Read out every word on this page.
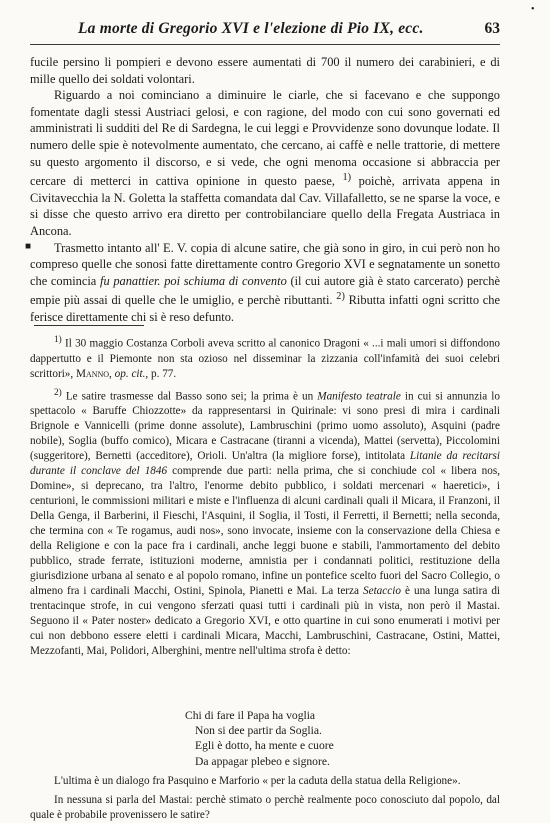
•
La morte di Gregorio XVI e l'elezione di Pio IX, ecc.	63
■

fucile persino li pompieri e devono essere aumentati di 700 il numero dei carabinieri, e di mille quello dei soldati volontari.

Riguardo a noi cominciano a diminuire le ciarle, che si facevano e che suppongo fomentate dagli stessi Austriaci gelosi, e con ragione, del modo con cui sono governati ed amministrati li sudditi del Re di Sardegna, le cui leggi e Provvidenze sono dovunque lodate. Il numero delle spie è notevolmente aumentato, che cercano, ai caffè e nelle trattorie, di mettere su questo argomento il discorso, e si vede, che ogni menoma occasione si abbraccia per cercare di metterci in cattiva opinione in questo paese, $^{1)}$ poichè, arrivata appena in Civitavecchia la N. Goletta la staffetta comandata dal Cav. Villafalletto, se ne sparse la voce, e si disse che questo arrivo era diretto per controbilanciare quello della Fregata Austriaca in Ancona.

Trasmetto intanto all' E. V. copia di alcune satire, che già sono in giro, in cui però non ho compreso quelle che sonosi fatte direttamente contro Gregorio XVI e segnatamente un sonetto che comincia fu panattier. poi schiuma di convento (il cui autore già è stato carcerato) perchè empie più assai di quelle che le umiglio, e perchè ributtanti. $^{2)}$ Ributta infatti ogni scritto che ferisce direttamente chi si è reso defunto.

$^{1)}$ Il 30 maggio Costanza Corboli aveva scritto al canonico Dragoni « ...i mali umori si diffondono dappertutto e il Piemonte non sta ozioso nel disseminar la zizzania coll'infamità dei suoi celebri scrittori», Manno, op. cit., p. 77.

$^{2)}$ Le satire trasmesse dal Basso sono sei; la prima è un Manifesto teatrale in cui si annunzia lo spettacolo « Baruffe Chiozzotte» da rappresentarsi in Quirinale: vi sono presi di mira i cardinali Brignole e Vannicelli (prime donne assolute), Lambruschini (primo uomo assoluto), Asquini (padre nobile), Soglia (buffo comico), Micara e Castracane (tiranni a vicenda), Mattei (servetta), Piccolomini (suggeritore), Bernetti (acceditore), Orioli. Un'altra (la migliore forse), intitolata Litanie da recitarsi durante il conclave del 1846 comprende due parti: nella prima, che si conchiude col « libera nos, Domine», si deprecano, tra l'altro, l'enorme debito pubblico, i soldati mercenari « haeretici», i centurioni, le commissioni militari e miste e l'influenza di alcuni cardinali quali il Micara, il Franzoni, il Della Genga, il Barberini, il Fieschi, l'Asquini, il Soglia, il Tosti, il Ferretti, il Bernetti; nella seconda, che termina con « Te rogamus, audi nos», sono invocate, insieme con la conservazione della Chiesa e della Religione e con la pace fra i cardinali, anche leggi buone e stabili, l'ammortamento del debito pubblico, strade ferrate, istituzioni moderne, amnistia per i condannati politici, restituzione della giurisdizione urbana al senato e al popolo romano, infine un pontefice scelto fuori del Sacro Collegio, o almeno fra i cardinali Macchi, Ostini, Spinola, Pianetti e Mai. La terza Setaccio è una lunga satira di trentacinque strofe, in cui vengono sferzati quasi tutti i cardinali più in vista, non però il Mastai. Seguono il « Pater noster» dedicato a Gregorio XVI, e otto quartine in cui sono enumerati i motivi per cui non debbono essere eletti i cardinali Micara, Macchi, Lambruschini, Castracane, Ostini, Mattei, Mezzofanti, Mai, Polidori, Alberghini, mentre nell'ultima strofa è detto:

Chi di fare il Papa ha voglia
Non si dee partir da Soglia.
Egli è dotto, ha mente e cuore
Da appagar plebeo e signore.

L'ultima è un dialogo fra Pasquino e Marforio « per la caduta della statua della Religione».

In nessuna si parla del Mastai: perchè stimato o perchè realmente poco conosciuto dal popolo, dal quale è probabile provenissero le satire?
